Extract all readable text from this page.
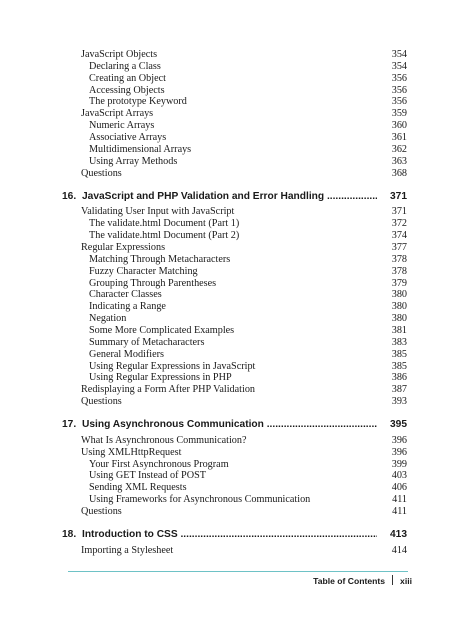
JavaScript Objects	354
Declaring a Class	354
Creating an Object	356
Accessing Objects	356
The prototype Keyword	356
JavaScript Arrays	359
Numeric Arrays	360
Associative Arrays	361
Multidimensional Arrays	362
Using Array Methods	363
Questions	368
16. JavaScript and PHP Validation and Error Handling .....	371
Validating User Input with JavaScript	371
The validate.html Document (Part 1)	372
The validate.html Document (Part 2)	374
Regular Expressions	377
Matching Through Metacharacters	378
Fuzzy Character Matching	378
Grouping Through Parentheses	379
Character Classes	380
Indicating a Range	380
Negation	380
Some More Complicated Examples	381
Summary of Metacharacters	383
General Modifiers	385
Using Regular Expressions in JavaScript	385
Using Regular Expressions in PHP	386
Redisplaying a Form After PHP Validation	387
Questions	393
17. Using Asynchronous Communication .....	395
What Is Asynchronous Communication?	396
Using XMLHttpRequest	396
Your First Asynchronous Program	399
Using GET Instead of POST	403
Sending XML Requests	406
Using Frameworks for Asynchronous Communication	411
Questions	411
18. Introduction to CSS .....	413
Importing a Stylesheet	414
Table of Contents xiii
